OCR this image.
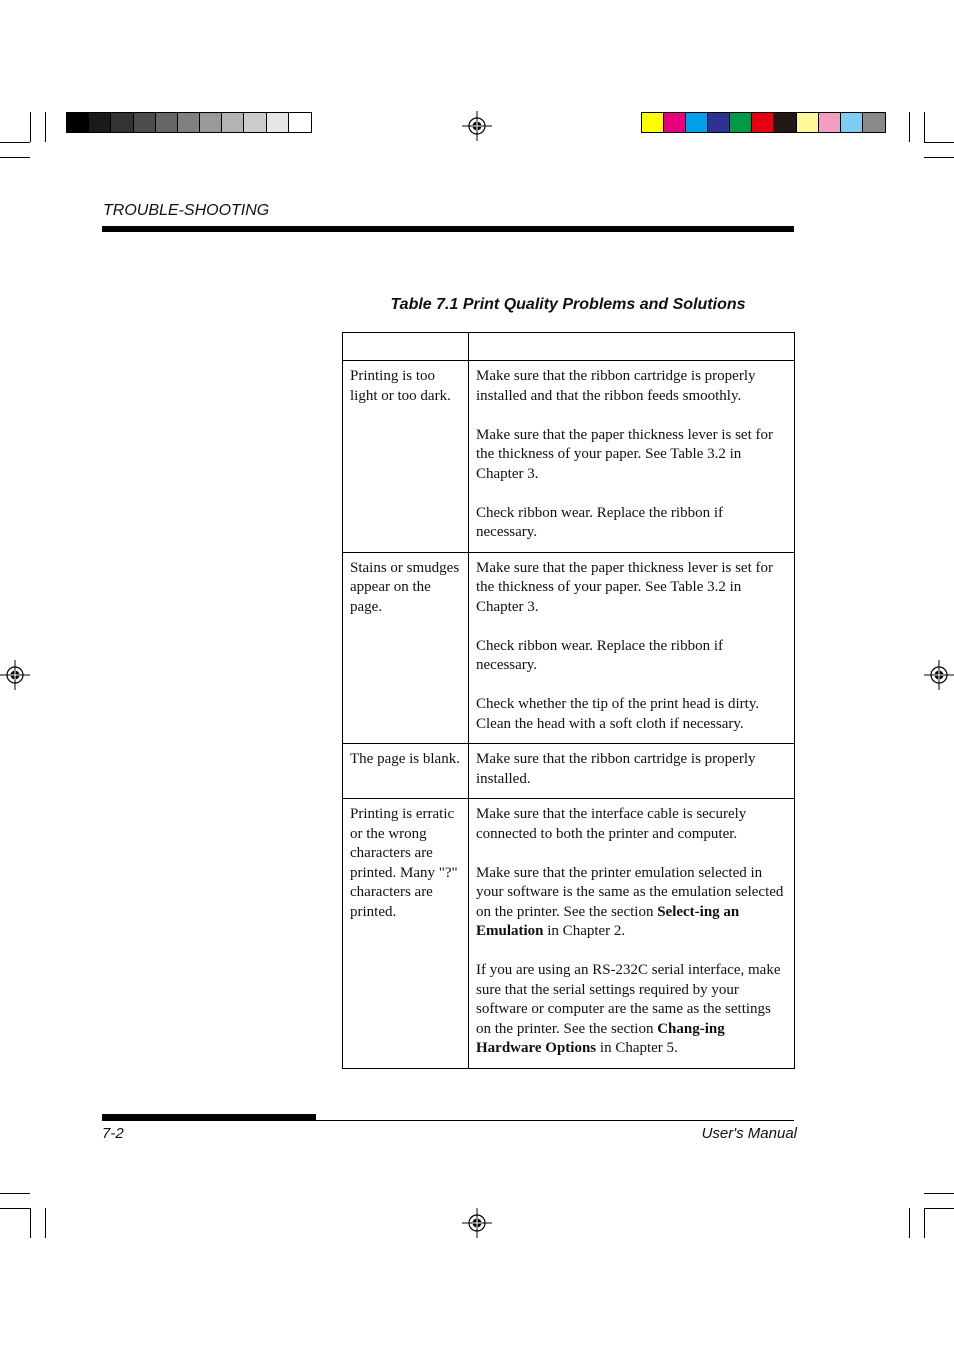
TROUBLE-SHOOTING
Table 7.1 Print Quality Problems and Solutions

Printing is too light or too dark.	Make sure that the ribbon cartridge is properly installed and that the ribbon feeds smoothly.

Make sure that the paper thickness lever is set for the thickness of your paper. See Table 3.2 in Chapter 3.

Check ribbon wear. Replace the ribbon if necessary.

Stains or smudges appear on the page.	Make sure that the paper thickness lever is set for the thickness of your paper. See Table 3.2 in Chapter 3.

Check ribbon wear. Replace the ribbon if necessary.

Check whether the tip of the print head is dirty. Clean the head with a soft cloth if necessary.

The page is blank.	Make sure that the ribbon cartridge is properly installed.

Printing is erratic or the wrong characters are printed. Many "?" characters are printed.	Make sure that the interface cable is securely connected to both the printer and computer.

Make sure that the printer emulation selected in your software is the same as the emulation selected on the printer. See the section Select-ing an Emulation in Chapter 2.

If you are using an RS-232C serial interface, make sure that the serial settings required by your software or computer are the same as the settings on the printer. See the section Chang-ing Hardware Options in Chapter 5.

7-2	User's Manual
